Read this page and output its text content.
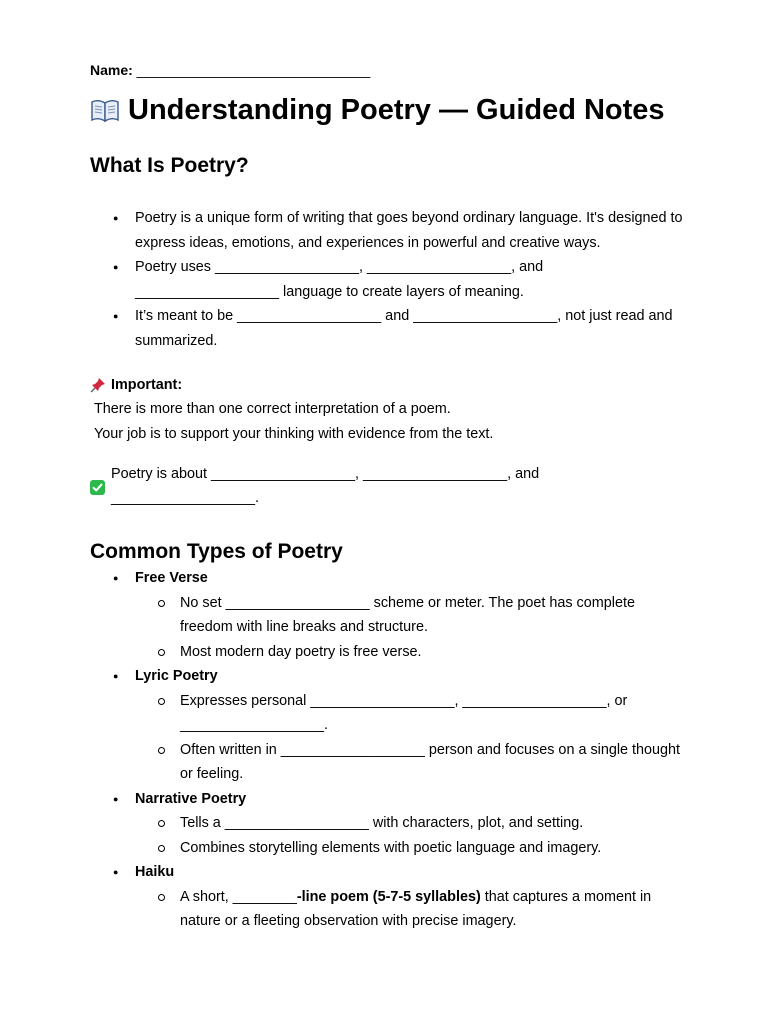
Name: ______________________________
Understanding Poetry — Guided Notes
What Is Poetry?
● Poetry is a unique form of writing that goes beyond ordinary language. It's designed to express ideas, emotions, and experiences in powerful and creative ways.
● Poetry uses __________________, __________________, and __________________ language to create layers of meaning.
● It’s meant to be __________________ and __________________, not just read and summarized.
Important:
There is more than one correct interpretation of a poem.
Your job is to support your thinking with evidence from the text.
Poetry is about __________________, __________________, and __________________.
Common Types of Poetry
● Free Verse
No set __________________ scheme or meter. The poet has complete freedom with line breaks and structure.
Most modern day poetry is free verse.
● Lyric Poetry
Expresses personal __________________, __________________, or __________________.
Often written in __________________ person and focuses on a single thought or feeling.
● Narrative Poetry
Tells a __________________ with characters, plot, and setting.
Combines storytelling elements with poetic language and imagery.
● Haiku
A short, ________-line poem (5-7-5 syllables) that captures a moment in nature or a fleeting observation with precise imagery.
